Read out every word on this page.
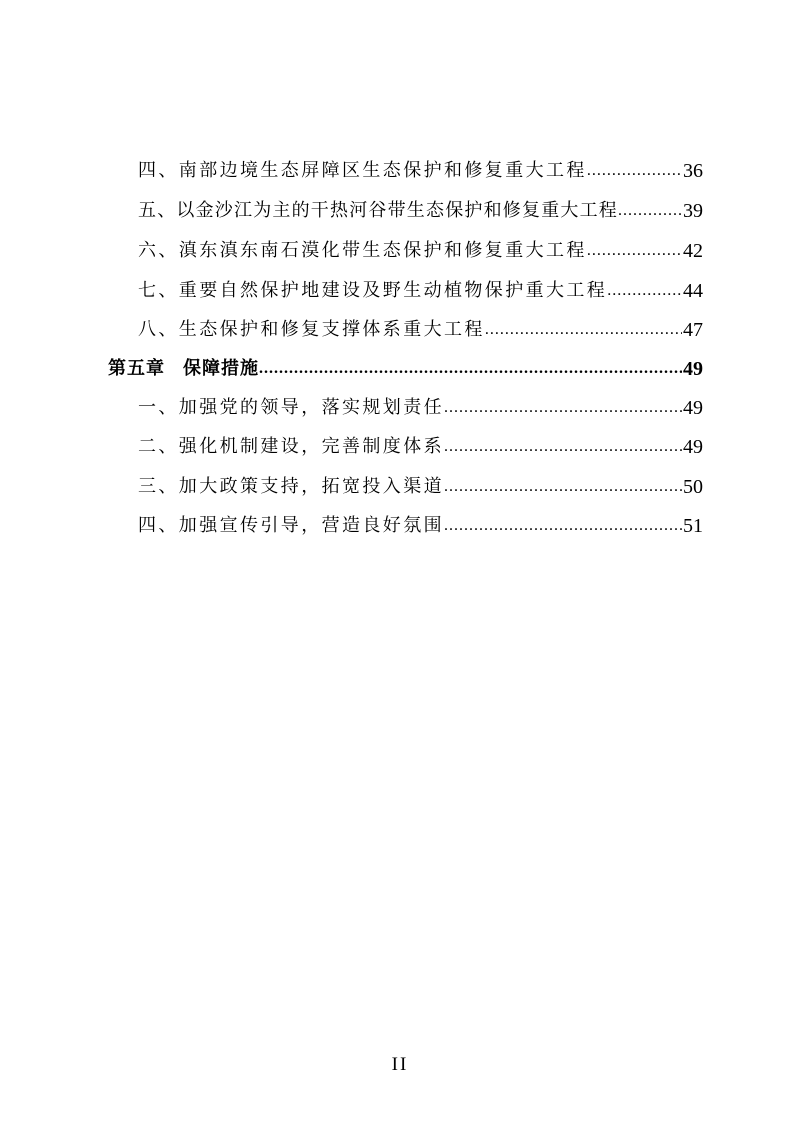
四、南部边境生态屏障区生态保护和修复重大工程 .....	36
五、以金沙江为主的干热河谷带生态保护和修复重大工程 .....	39
六、滇东滇东南石漠化带生态保护和修复重大工程 .....	42
七、重要自然保护地建设及野生动植物保护重大工程 .....	44
八、生态保护和修复支撑体系重大工程 .....	47
第五章 保障措施 .....	49
一、加强党的领导，落实规划责任 .....	49
二、强化机制建设，完善制度体系 .....	49
三、加大政策支持，拓宽投入渠道 .....	50
四、加强宣传引导，营造良好氛围 .....	51
II
